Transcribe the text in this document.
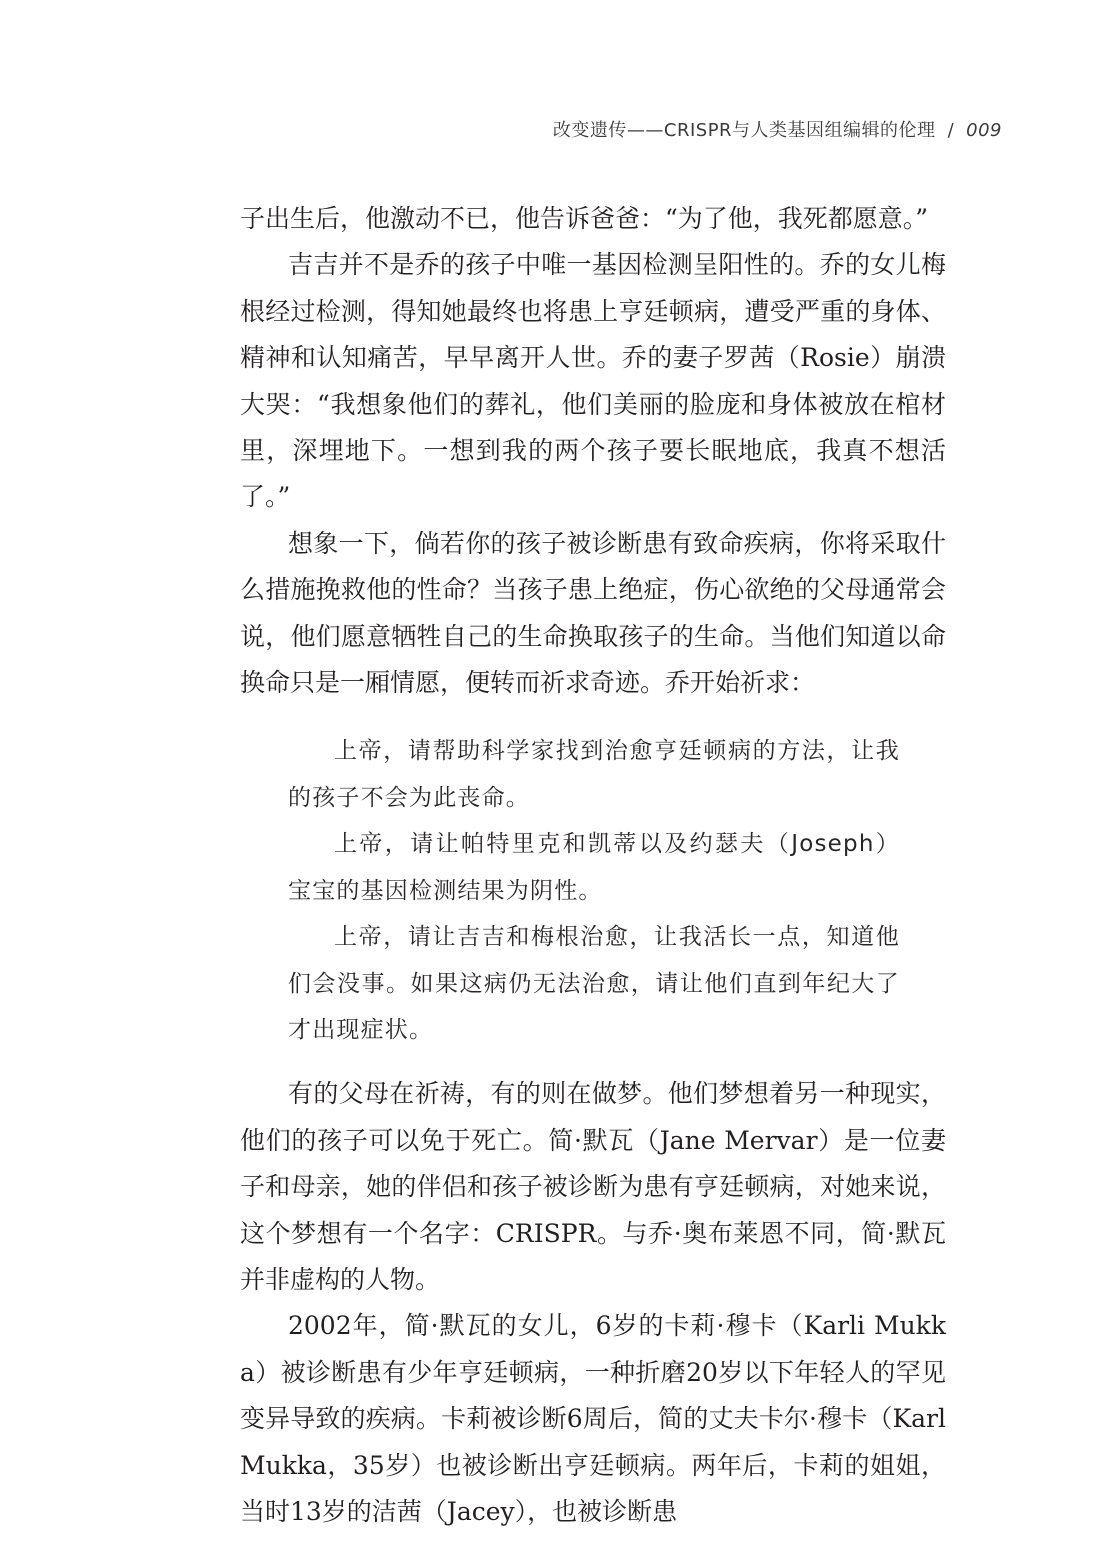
改变遗传——CRISPR与人类基因组编辑的伦理 / 009

子出生后，他激动不已，他告诉爸爸：“为了他，我死都愿意。”

吉吉并不是乔的孩子中唯一基因检测呈阳性的。乔的女儿梅根经过检测，得知她最终也将患上亨廷顿病，遭受严重的身体、精神和认知痛苦，早早离开人世。乔的妻子罗茜（Rosie）崩溃大哭：“我想象他们的葬礼，他们美丽的脸庞和身体被放在棺材里，深埋地下。一想到我的两个孩子要长眠地底，我真不想活了。”

想象一下，倘若你的孩子被诊断患有致命疾病，你将采取什么措施挽救他的性命？当孩子患上绝症，伤心欲绝的父母通常会说，他们愿意牺牲自己的生命换取孩子的生命。当他们知道以命换命只是一厢情愿，便转而祈求奇迹。乔开始祈求：

上帝，请帮助科学家找到治愈亨廷顿病的方法，让我的孩子不会为此丧命。

上帝，请让帕特里克和凯蒂以及约瑟夫（Joseph）宝宝的基因检测结果为阴性。

上帝，请让吉吉和梅根治愈，让我活长一点，知道他们会没事。如果这病仍无法治愈，请让他们直到年纪大了才出现症状。

有的父母在祈祷，有的则在做梦。他们梦想着另一种现实，他们的孩子可以免于死亡。简·默瓦（Jane Mervar）是一位妻子和母亲，她的伴侣和孩子被诊断为患有亨廷顿病，对她来说，这个梦想有一个名字：CRISPR。与乔·奥布莱恩不同，简·默瓦并非虚构的人物。

2002年，简·默瓦的女儿，6岁的卡莉·穆卡（Karli Mukka）被诊断患有少年亨廷顿病，一种折磨20岁以下年轻人的罕见变异导致的疾病。卡莉被诊断6周后，简的丈夫卡尔·穆卡（Karl Mukka，35岁）也被诊断出亨廷顿病。两年后，卡莉的姐姐，当时13岁的洁茜（Jacey），也被诊断患
